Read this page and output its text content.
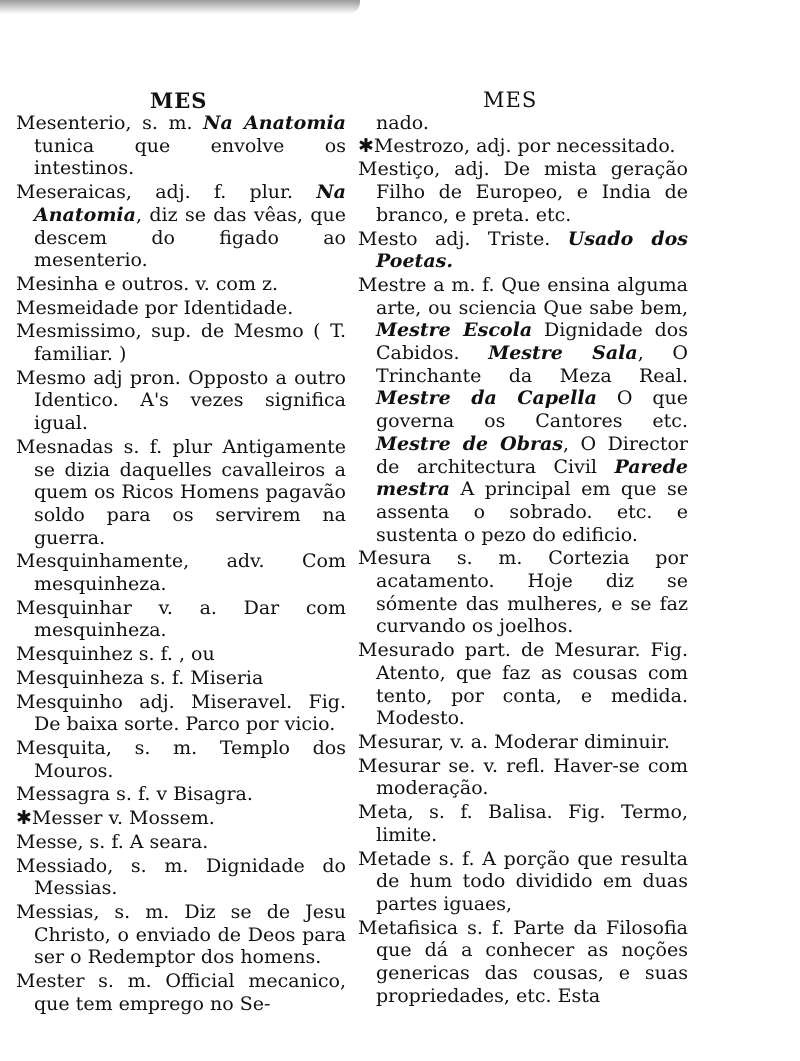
MES	MES
Mesenterio, s. m. Na Anatomia tunica que envolve os intestinos.
Meseraicas, adj. f. plur. Na Anatomia, diz se das vêas, que descem do figado ao mesenterio.
Mesinha e outros. v. com z.
Mesmeidade por Identidade.
Mesmissimo, sup. de Mesmo ( T. familiar. )
Mesmo adj pron. Opposto a outro Identico. A's vezes significa igual.
Mesnadas s. f. plur Antigamente se dizia daquelles cavalleiros a quem os Ricos Homens pagavão soldo para os servirem na guerra.
Mesquinhamente, adv. Com mesquinheza.
Mesquinhar v. a. Dar com mesquinheza.
Mesquinhez s. f. , ou
Mesquinheza s. f. Miseria
Mesquinho adj. Miseravel. Fig. De baixa sorte. Parco por vicio.
Mesquita, s. m. Templo dos Mouros.
Messagra s. f. v Bisagra.
✱Messer v. Mossem.
Messe, s. f. A seara.
Messiado, s. m. Dignidade do Messias.
Messias, s. m. Diz se de Jesu Christo, o enviado de Deos para ser o Redemptor dos homens.
Mester s. m. Official mecanico, que tem emprego no Se-
nado.
✱Mestrozo, adj. por necessitado.
Mestiço, adj. De mista geração Filho de Europeo, e India de branco, e preta. etc.
Mesto adj. Triste. Usado dos Poetas.
Mestre a m. f. Que ensina alguma arte, ou sciencia Que sabe bem, Mestre Escola Dignidade dos Cabidos. Mestre Sala, O Trinchante da Meza Real. Mestre da Capella O que governa os Cantores etc. Mestre de Obras, O Director de architectura Civil Parede mestra A principal em que se assenta o sobrado. etc. e sustenta o pezo do edificio.
Mesura s. m. Cortezia por acatamento. Hoje diz se sómente das mulheres, e se faz curvando os joelhos.
Mesurado part. de Mesurar. Fig. Atento, que faz as cousas com tento, por conta, e medida. Modesto.
Mesurar, v. a. Moderar diminuir.
Mesurar se. v. refl. Haver-se com moderação.
Meta, s. f. Balisa. Fig. Termo, limite.
Metade s. f. A porção que resulta de hum todo dividido em duas partes iguaes,
Metafisica s. f. Parte da Filosofia que dá a conhecer as noções genericas das cousas, e suas propriedades, etc. Esta
